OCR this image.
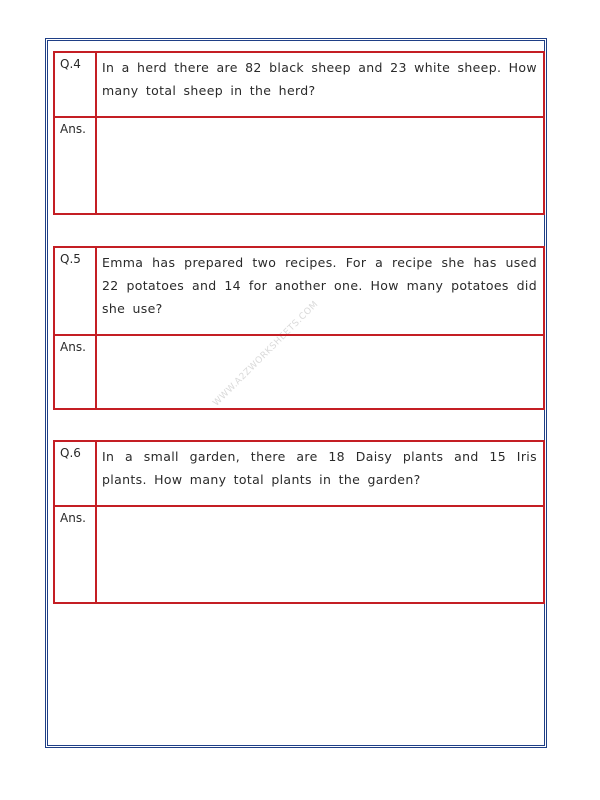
WWW.A2ZWORKSHEETS.COM
Q.4	In a herd there are 82 black sheep and 23 white sheep. How many total sheep in the herd?
Ans.
Q.5	Emma has prepared two recipes. For a recipe she has used 22 potatoes and 14 for another one. How many potatoes did she use?
Ans.
Q.6	In a small garden, there are 18 Daisy plants and 15 Iris plants. How many total plants in the garden?
Ans.
